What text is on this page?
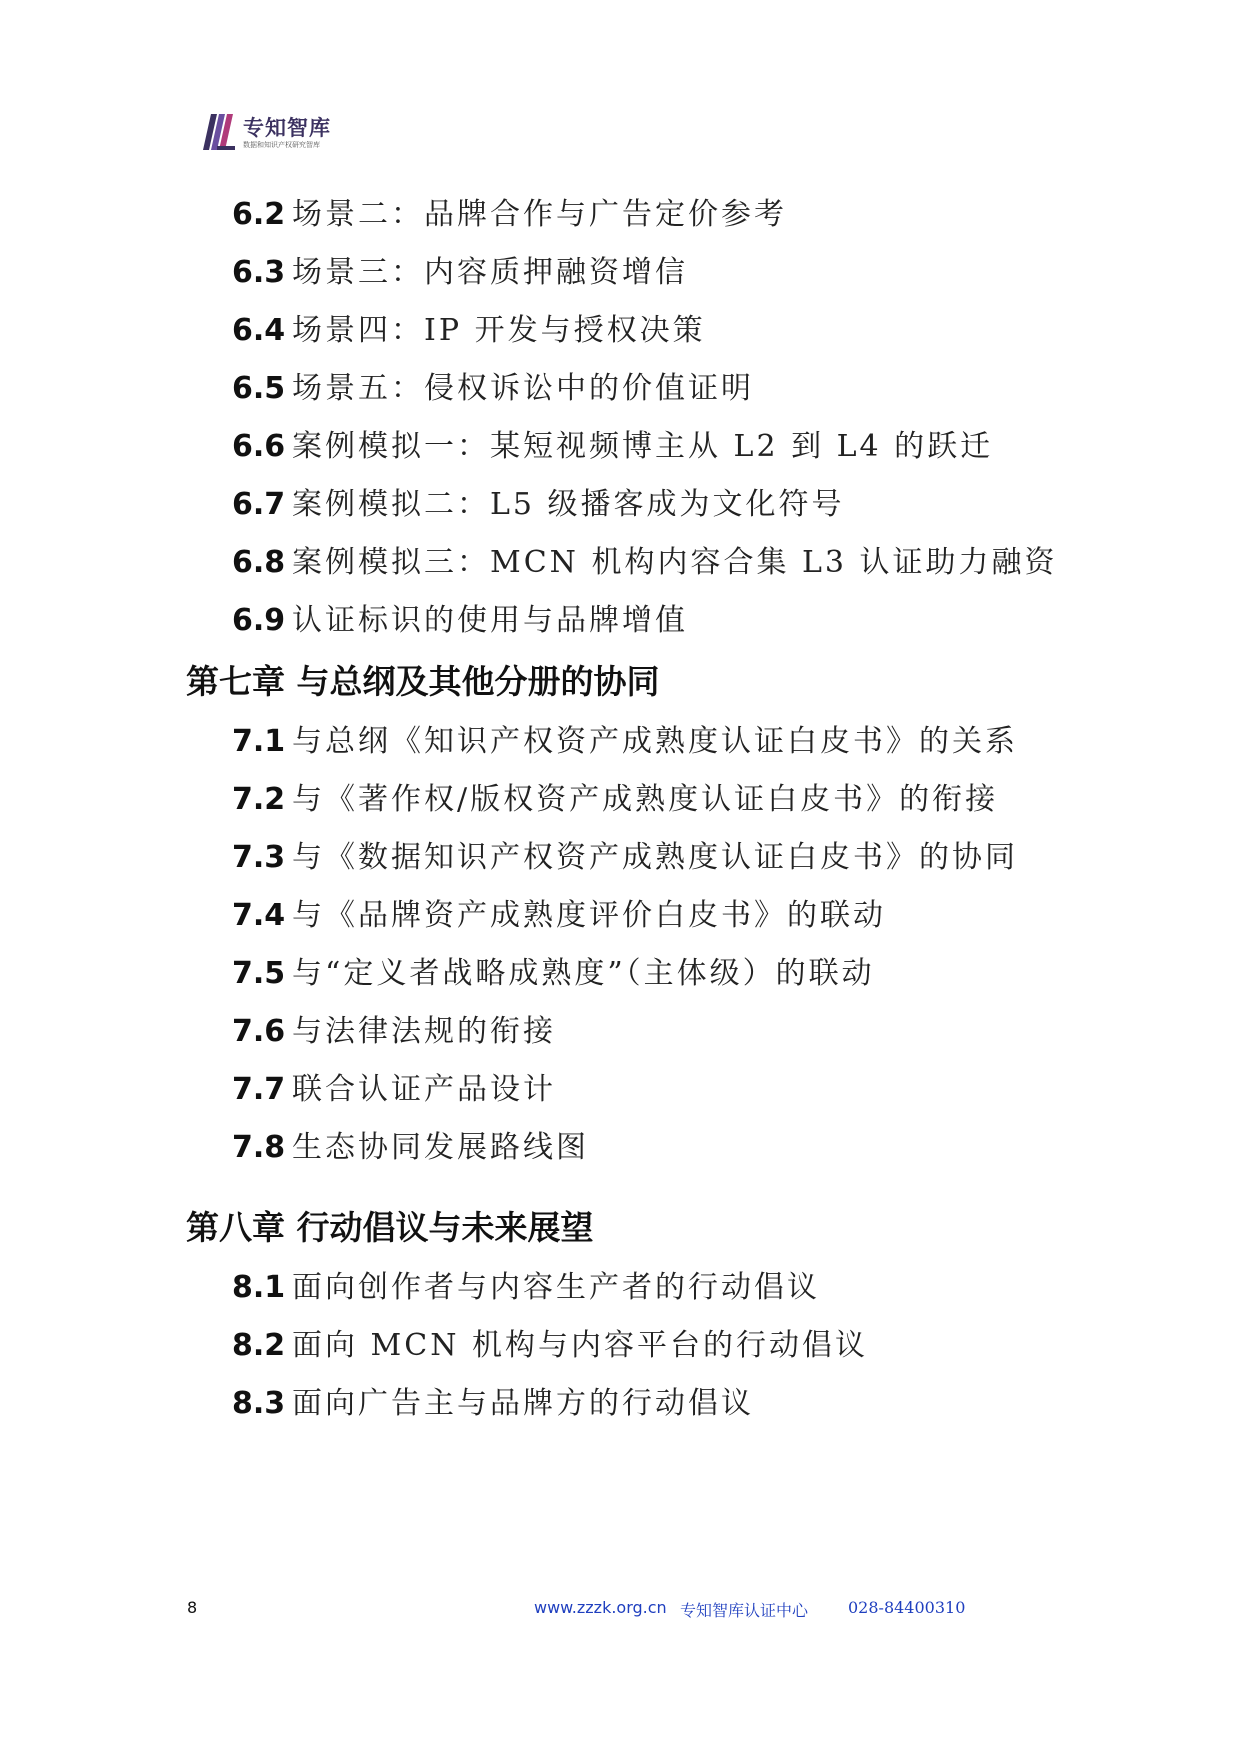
专知智库
数据和知识产权研究智库
6.2 场景二：品牌合作与广告定价参考
6.3 场景三：内容质押融资增信
6.4 场景四：IP 开发与授权决策
6.5 场景五：侵权诉讼中的价值证明
6.6 案例模拟一：某短视频博主从 L2 到 L4 的跃迁
6.7 案例模拟二：L5 级播客成为文化符号
6.8 案例模拟三：MCN 机构内容合集 L3 认证助力融资
6.9 认证标识的使用与品牌增值
第七章 与总纲及其他分册的协同
7.1 与总纲《知识产权资产成熟度认证白皮书》的关系
7.2 与《著作权/版权资产成熟度认证白皮书》的衔接
7.3 与《数据知识产权资产成熟度认证白皮书》的协同
7.4 与《品牌资产成熟度评价白皮书》的联动
7.5 与“定义者战略成熟度”（主体级）的联动
7.6 与法律法规的衔接
7.7 联合认证产品设计
7.8 生态协同发展路线图
第八章 行动倡议与未来展望
8.1 面向创作者与内容生产者的行动倡议
8.2 面向 MCN 机构与内容平台的行动倡议
8.3 面向广告主与品牌方的行动倡议
8	www.zzzk.org.cn 专知智库认证中心 028-84400310
